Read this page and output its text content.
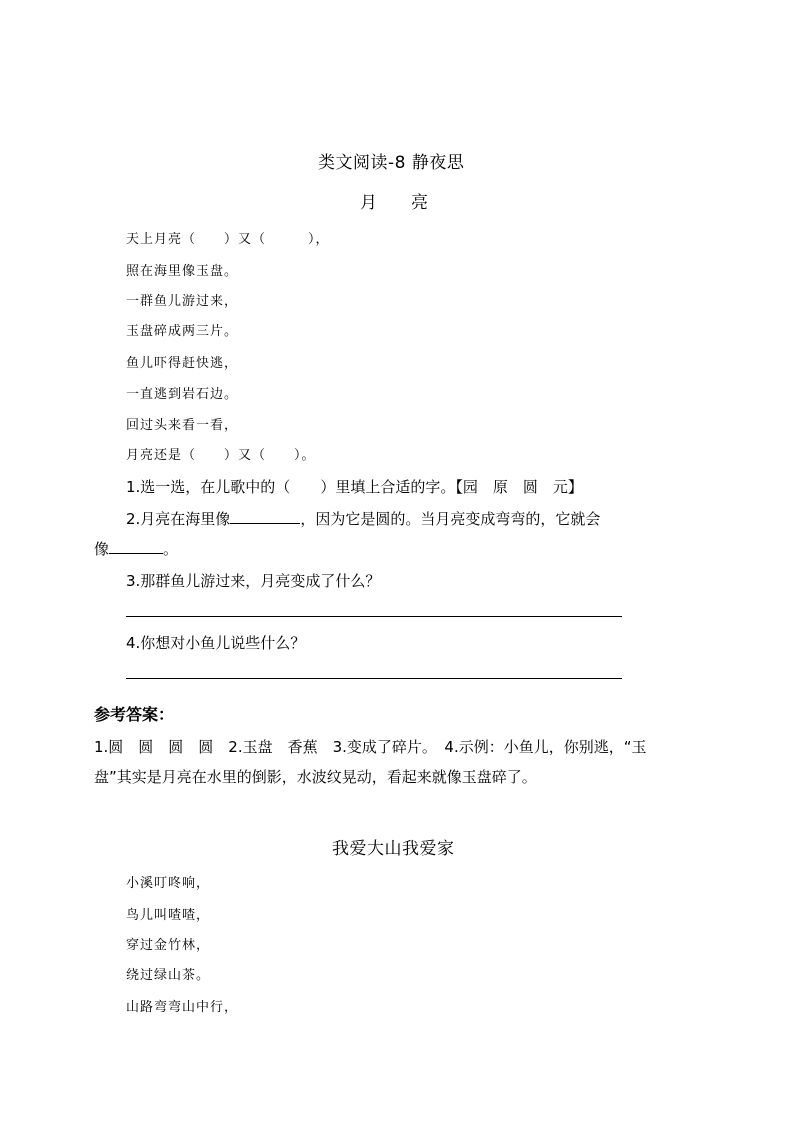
类文阅读-8 静夜思
月　　亮
天上月亮（　　）又（　　　），
照在海里像玉盘。
一群鱼儿游过来，
玉盘碎成两三片。
鱼儿吓得赶快逃，
一直逃到岩石边。
回过头来看一看，
月亮还是（　　）又（　　）。
1.选一选，在儿歌中的（　　）里填上合适的字。【园　原　圆　元】
2.月亮在海里像	，因为它是圆的。当月亮变成弯弯的，它就会
像	。
3.那群鱼儿游过来，月亮变成了什么？
4.你想对小鱼儿说些什么？
参考答案：
1.圆　圆　圆　圆　2.玉盘　香蕉　3.变成了碎片。　4.示例：小鱼儿，你别逃，“玉
盘”其实是月亮在水里的倒影，水波纹晃动，看起来就像玉盘碎了。
我爱大山我爱家
小溪叮咚响，
鸟儿叫喳喳，
穿过金竹林，
绕过绿山茶。
山路弯弯山中行，
